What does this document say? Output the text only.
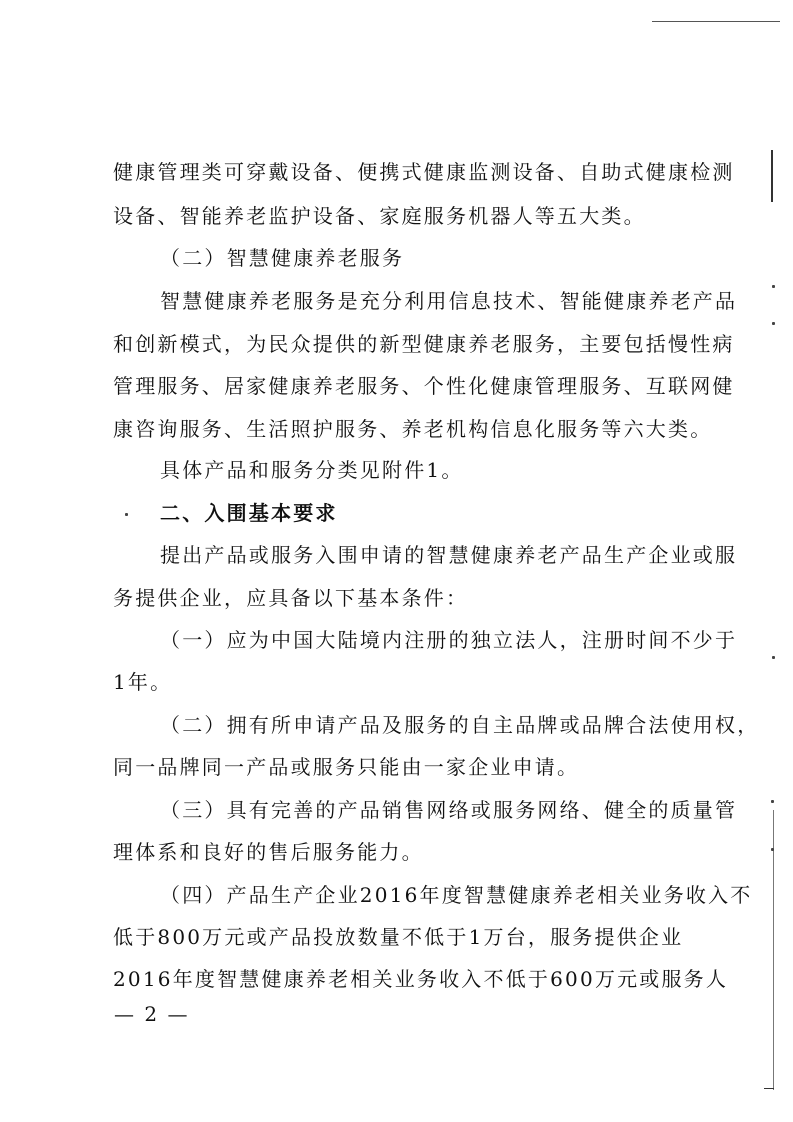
健康管理类可穿戴设备、便携式健康监测设备、自助式健康检测
设备、智能养老监护设备、家庭服务机器人等五大类。
（二）智慧健康养老服务
智慧健康养老服务是充分利用信息技术、智能健康养老产品
和创新模式，为民众提供的新型健康养老服务，主要包括慢性病
管理服务、居家健康养老服务、个性化健康管理服务、互联网健
康咨询服务、生活照护服务、养老机构信息化服务等六大类。
具体产品和服务分类见附件1。
二、入围基本要求
提出产品或服务入围申请的智慧健康养老产品生产企业或服
务提供企业，应具备以下基本条件：
（一）应为中国大陆境内注册的独立法人，注册时间不少于
1年。
（二）拥有所申请产品及服务的自主品牌或品牌合法使用权，
同一品牌同一产品或服务只能由一家企业申请。
（三）具有完善的产品销售网络或服务网络、健全的质量管
理体系和良好的售后服务能力。
（四）产品生产企业2016年度智慧健康养老相关业务收入不
低于800万元或产品投放数量不低于1万台，服务提供企业
2016年度智慧健康养老相关业务收入不低于600万元或服务人
— 2 —
